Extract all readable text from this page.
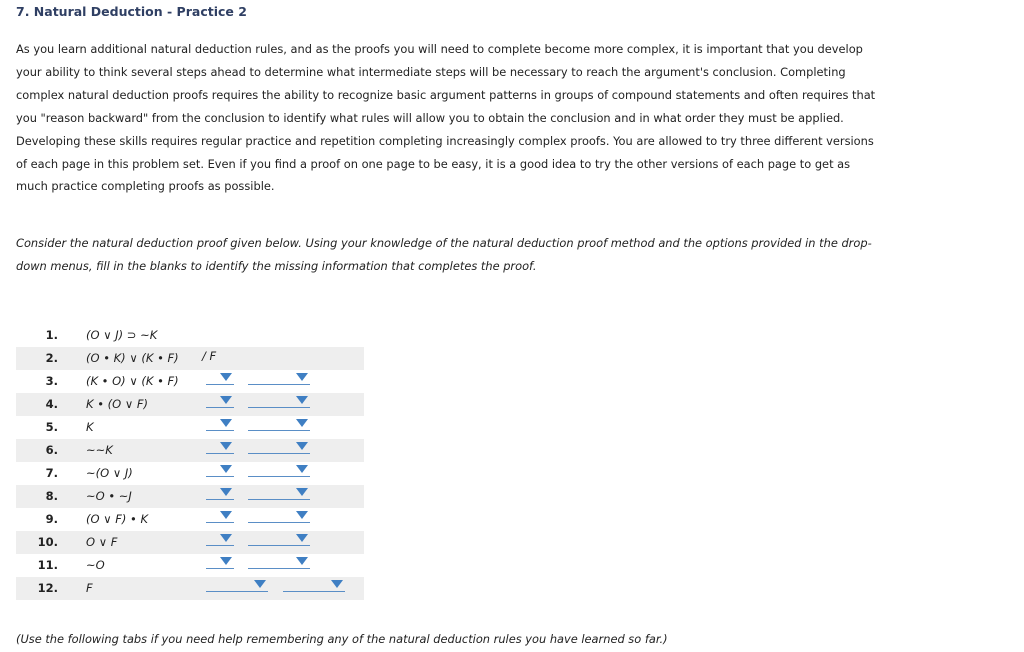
7. Natural Deduction - Practice 2
As you learn additional natural deduction rules, and as the proofs you will need to complete become more complex, it is important that you develop
your ability to think several steps ahead to determine what intermediate steps will be necessary to reach the argument's conclusion. Completing
complex natural deduction proofs requires the ability to recognize basic argument patterns in groups of compound statements and often requires that
you "reason backward" from the conclusion to identify what rules will allow you to obtain the conclusion and in what order they must be applied.
Developing these skills requires regular practice and repetition completing increasingly complex proofs. You are allowed to try three different versions
of each page in this problem set. Even if you find a proof on one page to be easy, it is a good idea to try the other versions of each page to get as
much practice completing proofs as possible.
Consider the natural deduction proof given below. Using your knowledge of the natural deduction proof method and the options provided in the drop-
down menus, fill in the blanks to identify the missing information that completes the proof.
1. (O ∨ J) ⊃ ~K
2. (O • K) ∨ (K • F)
3. (K • O) ∨ (K • F)
4. K • (O ∨ F)
5. K
6. ~~K
7. ~(O ∨ J)
8. ~O • ~J
9. (O ∨ F) • K
10. O ∨ F
11. ~O
12. F
/ F
(Use the following tabs if you need help remembering any of the natural deduction rules you have learned so far.)
